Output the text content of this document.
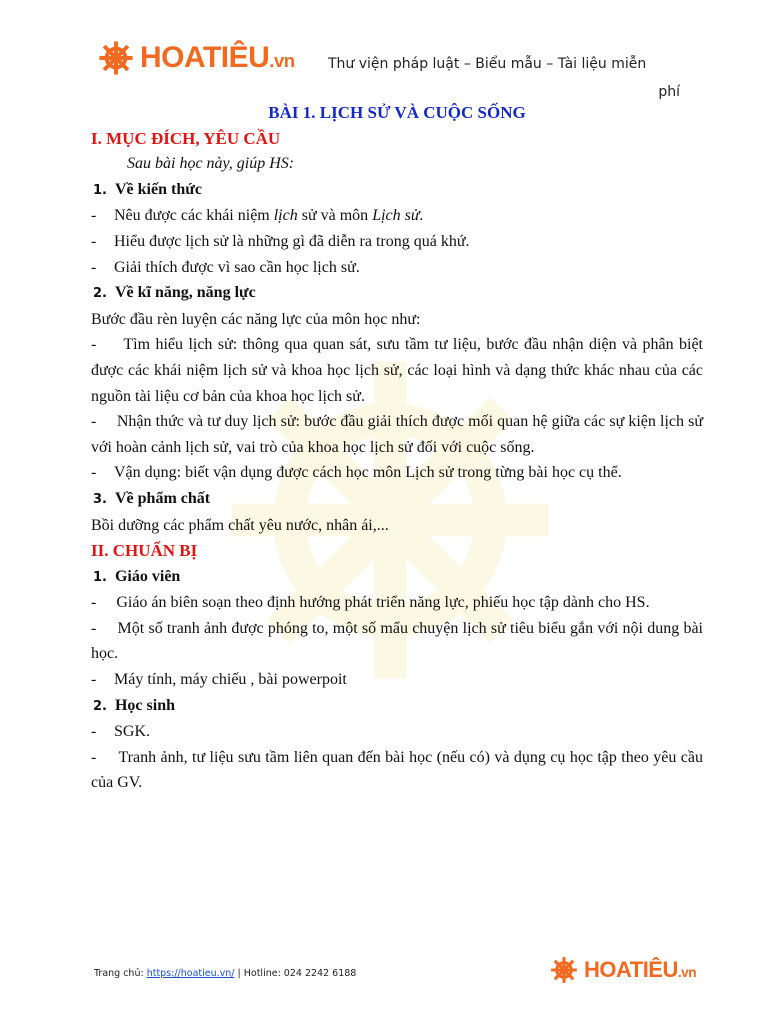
HOATIÊU.vn Thư viện pháp luật – Biểu mẫu – Tài liệu miễn
phí
BÀI 1. LỊCH SỬ VÀ CUỘC SỐNG
I. MỤC ĐÍCH, YÊU CẦU
Sau bài học này, giúp HS:
1. Về kiến thức
-	Nêu được các khái niệm lịch sử và môn Lịch sử.
-	Hiểu được lịch sử là những gì đã diễn ra trong quá khứ.
-	Giải thích được vì sao cần học lịch sử.
2. Về kĩ năng, năng lực
Bước đầu rèn luyện các năng lực của môn học như:
- Tìm hiểu lịch sử: thông qua quan sát, sưu tầm tư liệu, bước đầu nhận diện và phân biệt được các khái niệm lịch sử và khoa học lịch sử, các loại hình và dạng thức khác nhau của các nguồn tài liệu cơ bản của khoa học lịch sử.
- Nhận thức và tư duy lịch sử: bước đầu giải thích được mối quan hệ giữa các sự kiện lịch sử với hoàn cảnh lịch sử, vai trò của khoa học lịch sử đối với cuộc sống.
-	Vận dụng: biết vận dụng được cách học môn Lịch sử trong từng bài học cụ thể.
3. Về phẩm chất
Bồi dưỡng các phẩm chất yêu nước, nhân ái,...
II. CHUẨN BỊ
1. Giáo viên
- Giáo án biên soạn theo định hướng phát triển năng lực, phiếu học tập dành cho HS.
- Một số tranh ảnh được phóng to, một số mẩu chuyện lịch sử tiêu biểu gắn với nội dung bài học.
-	Máy tính, máy chiếu , bài powerpoit
2. Học sinh
-	SGK.
- Tranh ảnh, tư liệu sưu tầm liên quan đến bài học (nếu có) và dụng cụ học tập theo yêu cầu của GV.
Trang chủ: https://hoatieu.vn/ | Hotline: 024 2242 6188	HOATIÊU.vn
